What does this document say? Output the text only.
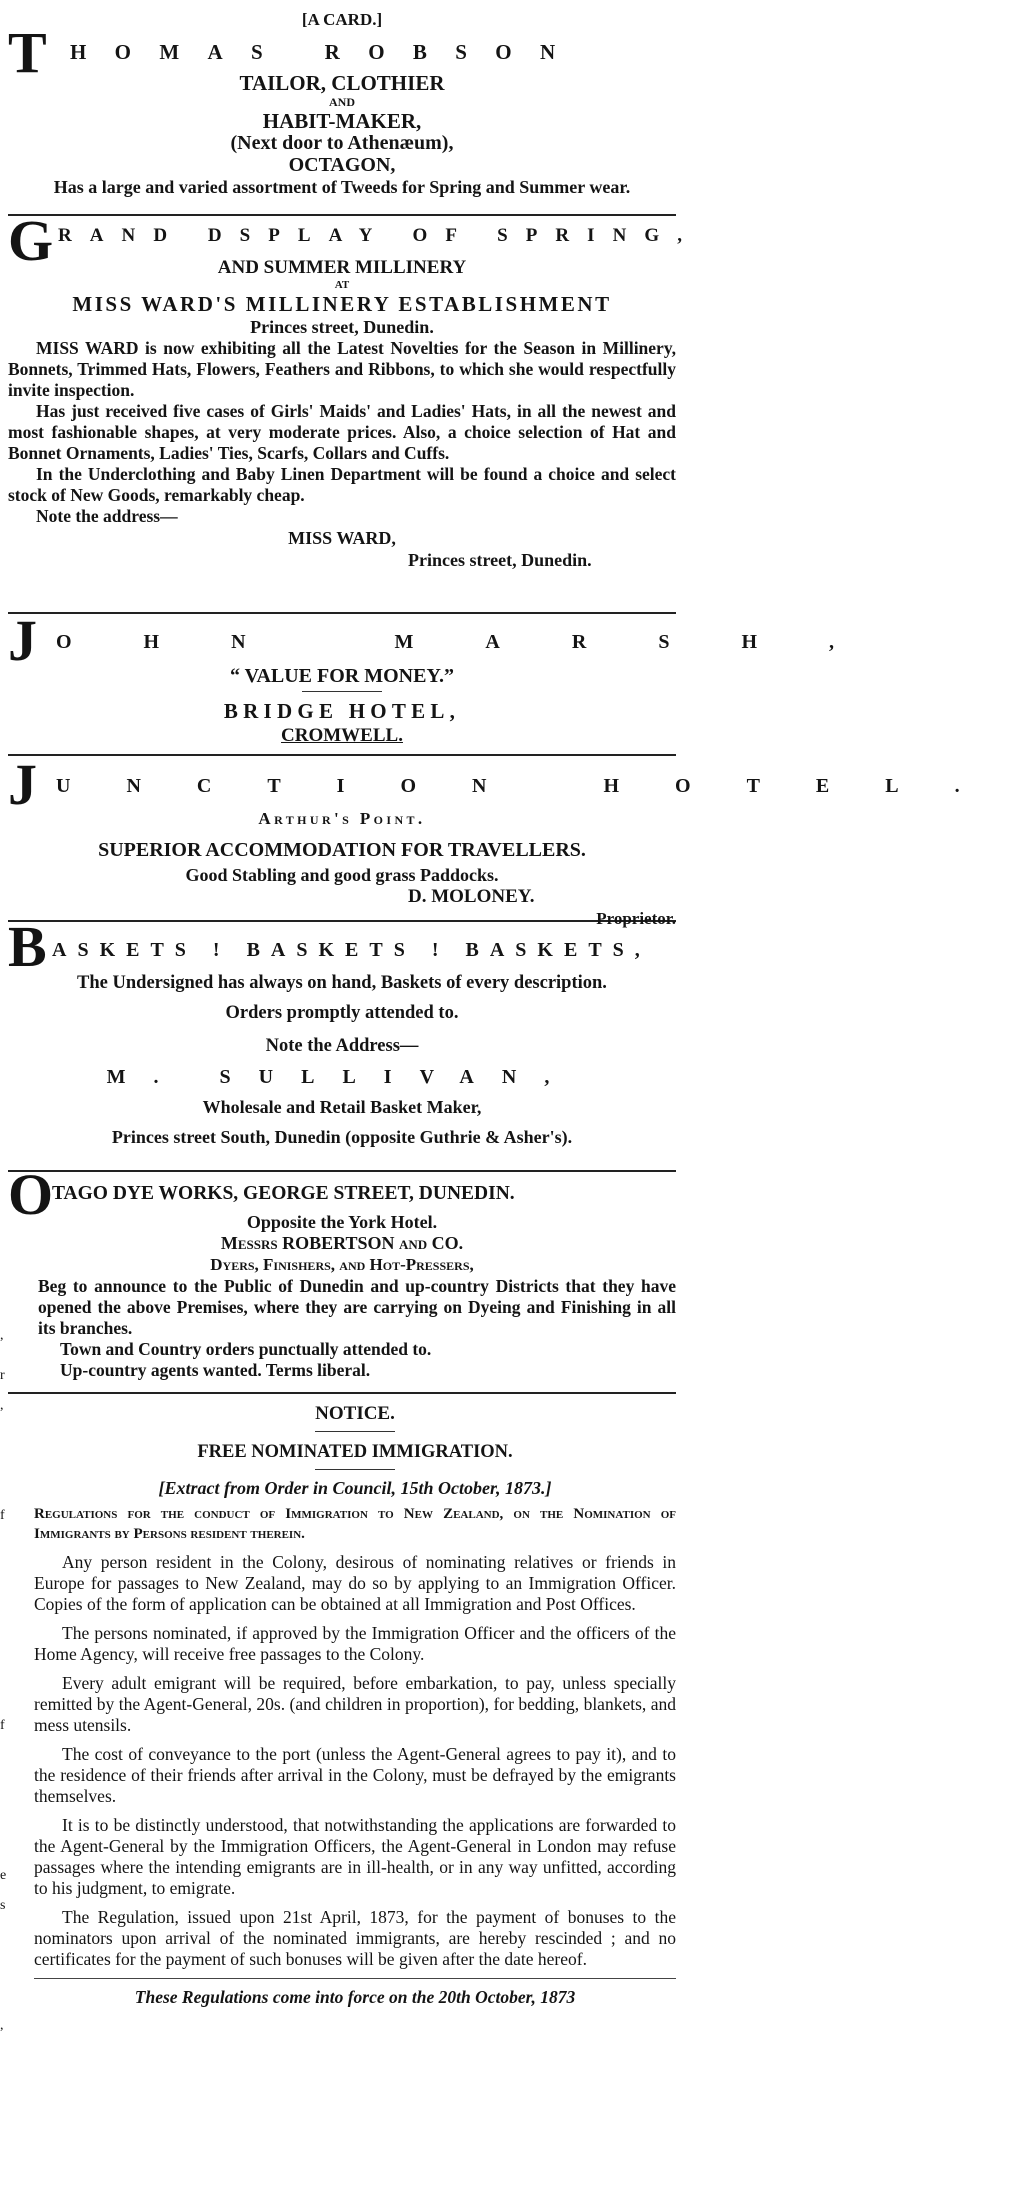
,
r
,
f
f
e
s
,
[A CARD.]
T HOMAS ROBSON
TAILOR, CLOTHIER
AND
HABIT-MAKER,
(Next door to Athenæum),
OCTAGON,
Has a large and varied assortment of Tweeds for Spring and Summer wear.
G RAND DSPLAY OF SPRING,
AND SUMMER MILLINERY
AT
MISS WARD'S MILLINERY ESTABLISHMENT
Princes street, Dunedin.

MISS WARD is now exhibiting all the Latest Novelties for the Season in Millinery, Bonnets, Trimmed Hats, Flowers, Feathers and Ribbons, to which she would respectfully invite inspection.

Has just received five cases of Girls' Maids' and Ladies' Hats, in all the newest and most fashionable shapes, at very moderate prices. Also, a choice selection of Hat and Bonnet Ornaments, Ladies' Ties, Scarfs, Collars and Cuffs.

In the Underclothing and Baby Linen Department will be found a choice and select stock of New Goods, remarkably cheap.

Note the address—

MISS WARD,
Princes street, Dunedin.
J OHN MARSH,
“ VALUE FOR MONEY.”
BRIDGE HOTEL,
CROMWELL.
J UNCTION HOTEL.
Arthur's Point.
SUPERIOR ACCOMMODATION FOR TRAVELLERS.
Good Stabling and good grass Paddocks.
D. MOLONEY.
Proprietor.
B ASKETS ! BASKETS ! BASKETS,
The Undersigned has always on hand, Baskets of every description.
Orders promptly attended to.
Note the Address—
M. SULLIVAN,
Wholesale and Retail Basket Maker,
Princes street South, Dunedin (opposite Guthrie & Asher's).
O
TAGO DYE WORKS, GEORGE STREET, DUNEDIN.
Opposite the York Hotel.
Messrs ROBERTSON and CO.
Dyers, Finishers, and Hot-Pressers,

Beg to announce to the Public of Dunedin and up-country Districts that they have opened the above Premises, where they are carrying on Dyeing and Finishing in all its branches.

Town and Country orders punctually attended to.

Up-country agents wanted. Terms liberal.

NOTICE.
FREE NOMINATED IMMIGRATION.
[Extract from Order in Council, 15th October, 1873.]

Regulations for the conduct of Immigration to New Zealand, on the Nomination of Immigrants by Persons resident therein.

Any person resident in the Colony, desirous of nominating relatives or friends in Europe for passages to New Zealand, may do so by applying to an Immigration Officer. Copies of the form of application can be obtained at all Immigration and Post Offices.

The persons nominated, if approved by the Immigration Officer and the officers of the Home Agency, will receive free passages to the Colony.

Every adult emigrant will be required, before embarkation, to pay, unless specially remitted by the Agent-General, 20s. (and children in proportion), for bedding, blankets, and mess utensils.

The cost of conveyance to the port (unless the Agent-General agrees to pay it), and to the residence of their friends after arrival in the Colony, must be defrayed by the emigrants themselves.

It is to be distinctly understood, that notwithstanding the applications are forwarded to the Agent-General by the Immigration Officers, the Agent-General in London may refuse passages where the intending emigrants are in ill-health, or in any way unfitted, according to his judgment, to emigrate.

The Regulation, issued upon 21st April, 1873, for the payment of bonuses to the nominators upon arrival of the nominated immigrants, are hereby rescinded ; and no certificates for the payment of such bonuses will be given after the date hereof.

These Regulations come into force on the 20th October, 1873
